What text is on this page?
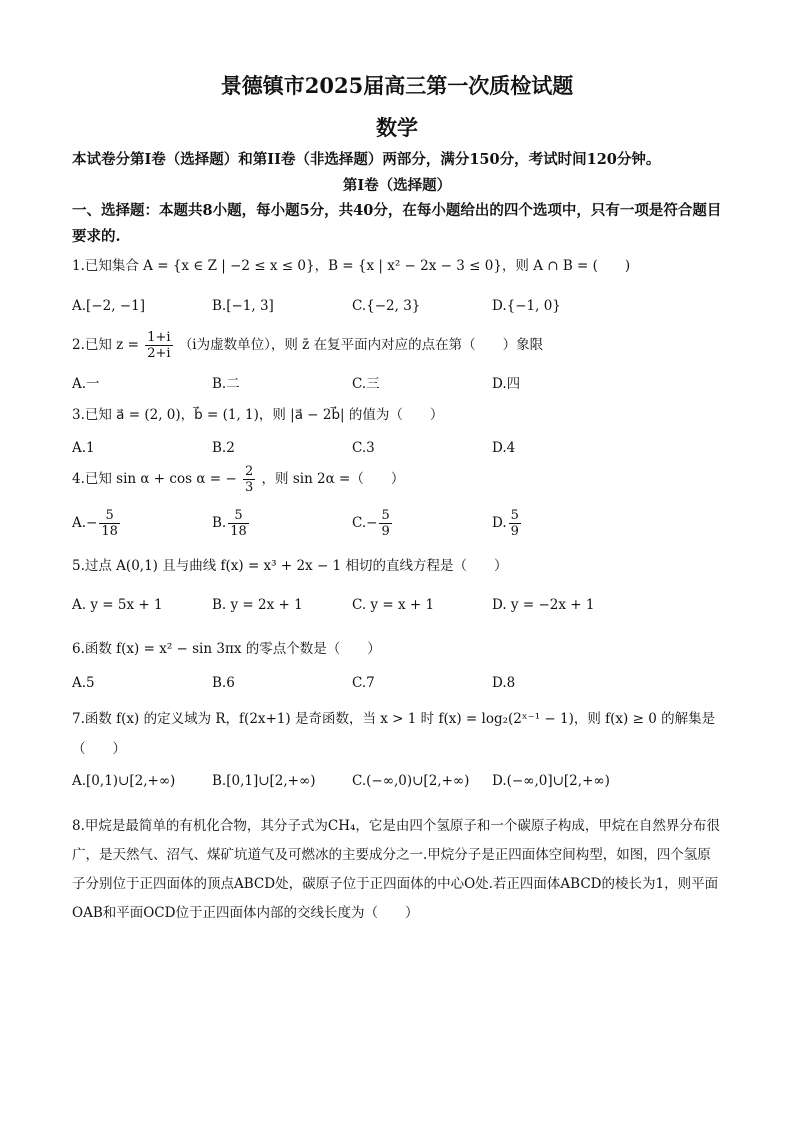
景德镇市2025届高三第一次质检试题
数学
本试卷分第I卷（选择题）和第II卷（非选择题）两部分，满分150分，考试时间120分钟。
第I卷（选择题）
一、选择题：本题共8小题，每小题5分，共40分，在每小题给出的四个选项中，只有一项是符合题目要求的.
1.已知集合 A = {x ∈ Z | −2 ≤ x ≤ 0}，B = {x | x² − 2x − 3 ≤ 0}，则 A ∩ B = (　　)
A.[−2, −1]	B.[−1, 3]	C.{−2, 3}	D.{−1, 0}
2.已知 $z = \frac{1+i}{2+i} (i$为虚数单位），则 z̄ 在复平面内对应的点在第（　　）象限
A.一	B.二	C.三	D.四
3.已知 a⃗ = (2, 0)，b⃗ = (1, 1)，则 |a⃗ − 2b⃗| 的值为（　　）
A.1	B.2	C.3	D.4
4.已知 sin α + cos α = − $\frac{2}{3}$ ，则 sin 2α =（　　）
$A.- \frac{5}{18}$	B. $\frac{5}{18}$	$C.- \frac{5}{9}$	D. $\frac{5}{9}$
5.过点 A(0,1) 且与曲线 f(x) = x³ + 2x − 1 相切的直线方程是（　　）
A. y = 5x + 1	B. y = 2x + 1	C. y = x + 1	D. y = −2x + 1
6.函数 f(x) = x² − sin 3πx 的零点个数是（　　）
A.5	B.6	C.7	D.8
7.函数 f(x) 的定义域为 R，f(2x+1) 是奇函数，当 x > 1 时 f(x) = log₂(2ˣ⁻¹ − 1)，则 f(x) ≥ 0 的解集是（　　）
A.[0,1)∪[2,+∞)	B.[0,1]∪[2,+∞)	C.(−∞,0)∪[2,+∞) D.(−∞,0]∪[2,+∞)
8.甲烷是最简单的有机化合物，其分子式为CH₄，它是由四个氢原子和一个碳原子构成，甲烷在自然界分布很广，是天然气、沼气、煤矿坑道气及可燃冰的主要成分之一.甲烷分子是正四面体空间构型，如图，四个氢原子分别位于正四面体的顶点ABCD处，碳原子位于正四面体的中心O处.若正四面体ABCD的棱长为1，则平面OAB和平面OCD位于正四面体内部的交线长度为（　　）
